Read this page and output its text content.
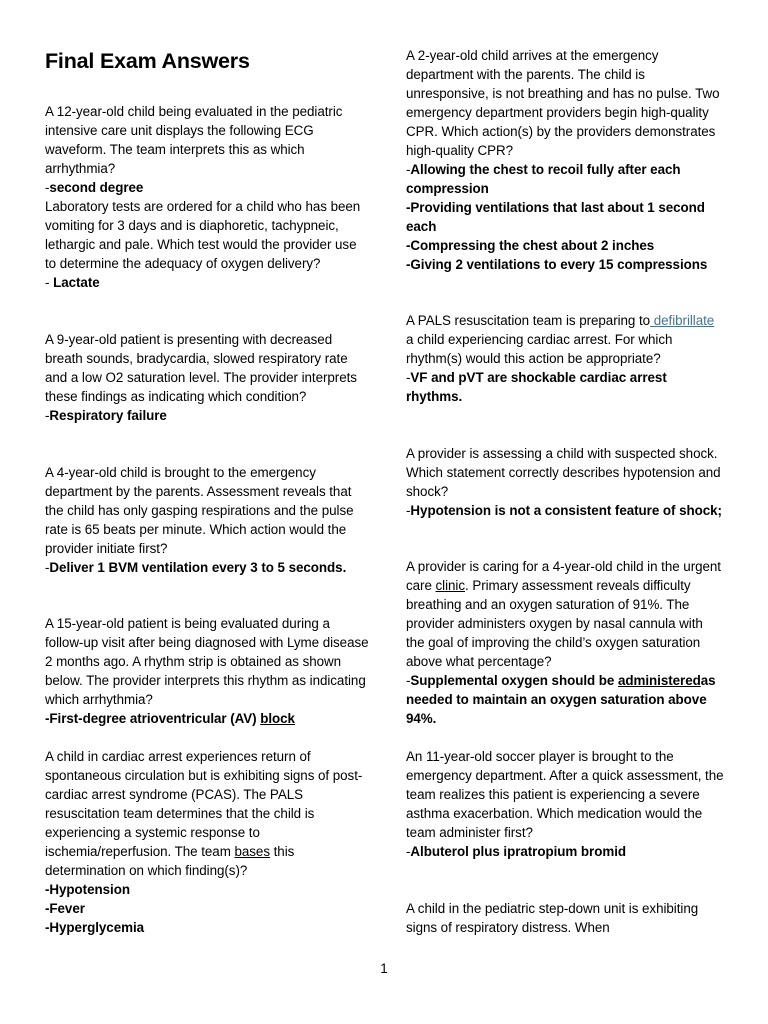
Final Exam Answers

A 12-year-old child being evaluated in the pediatric intensive care unit displays the following ECG waveform. The team interprets this as which arrhythmia?

-second degree

Laboratory tests are ordered for a child who has been vomiting for 3 days and is diaphoretic, tachypneic, lethargic and pale. Which test would the provider use to determine the adequacy of oxygen delivery?

- Lactate

A 9-year-old patient is presenting with decreased breath sounds, bradycardia, slowed respiratory rate and a low O2 saturation level. The provider interprets these findings as indicating which condition?

-Respiratory failure

A 4-year-old child is brought to the emergency department by the parents. Assessment reveals that the child has only gasping respirations and the pulse rate is 65 beats per minute. Which action would the provider initiate first?

-Deliver 1 BVM ventilation every 3 to 5 seconds.

A 15-year-old patient is being evaluated during a follow-up visit after being diagnosed with Lyme disease 2 months ago. A rhythm strip is obtained as shown below. The provider interprets this rhythm as indicating which arrhythmia?

-First-degree atrioventricular (AV) block

A child in cardiac arrest experiences return of spontaneous circulation but is exhibiting signs of post-cardiac arrest syndrome (PCAS). The PALS resuscitation team determines that the child is experiencing a systemic response to ischemia/reperfusion. The team bases this determination on which finding(s)?

-Hypotension

-Fever

-Hyperglycemia

A 2-year-old child arrives at the emergency department with the parents. The child is unresponsive, is not breathing and has no pulse. Two emergency department providers begin high-quality CPR. Which action(s) by the providers demonstrates high-quality CPR?

-Allowing the chest to recoil fully after each compression

-Providing ventilations that last about 1 second each

-Compressing the chest about 2 inches

-Giving 2 ventilations to every 15 compressions

A PALS resuscitation team is preparing to defibrillate a child experiencing cardiac arrest. For which rhythm(s) would this action be appropriate?

-VF and pVT are shockable cardiac arrest rhythms.

A provider is assessing a child with suspected shock. Which statement correctly describes hypotension and shock?

-Hypotension is not a consistent feature of shock;

A provider is caring for a 4-year-old child in the urgent care clinic. Primary assessment reveals difficulty breathing and an oxygen saturation of 91%. The provider administers oxygen by nasal cannula with the goal of improving the child’s oxygen saturation above what percentage?

-Supplemental oxygen should be administeredas needed to maintain an oxygen saturation above 94%.

An 11-year-old soccer player is brought to the emergency department. After a quick assessment, the team realizes this patient is experiencing a severe asthma exacerbation. Which medication would the team administer first?

-Albuterol plus ipratropium bromid

A child in the pediatric step-down unit is exhibiting signs of respiratory distress. When

1
